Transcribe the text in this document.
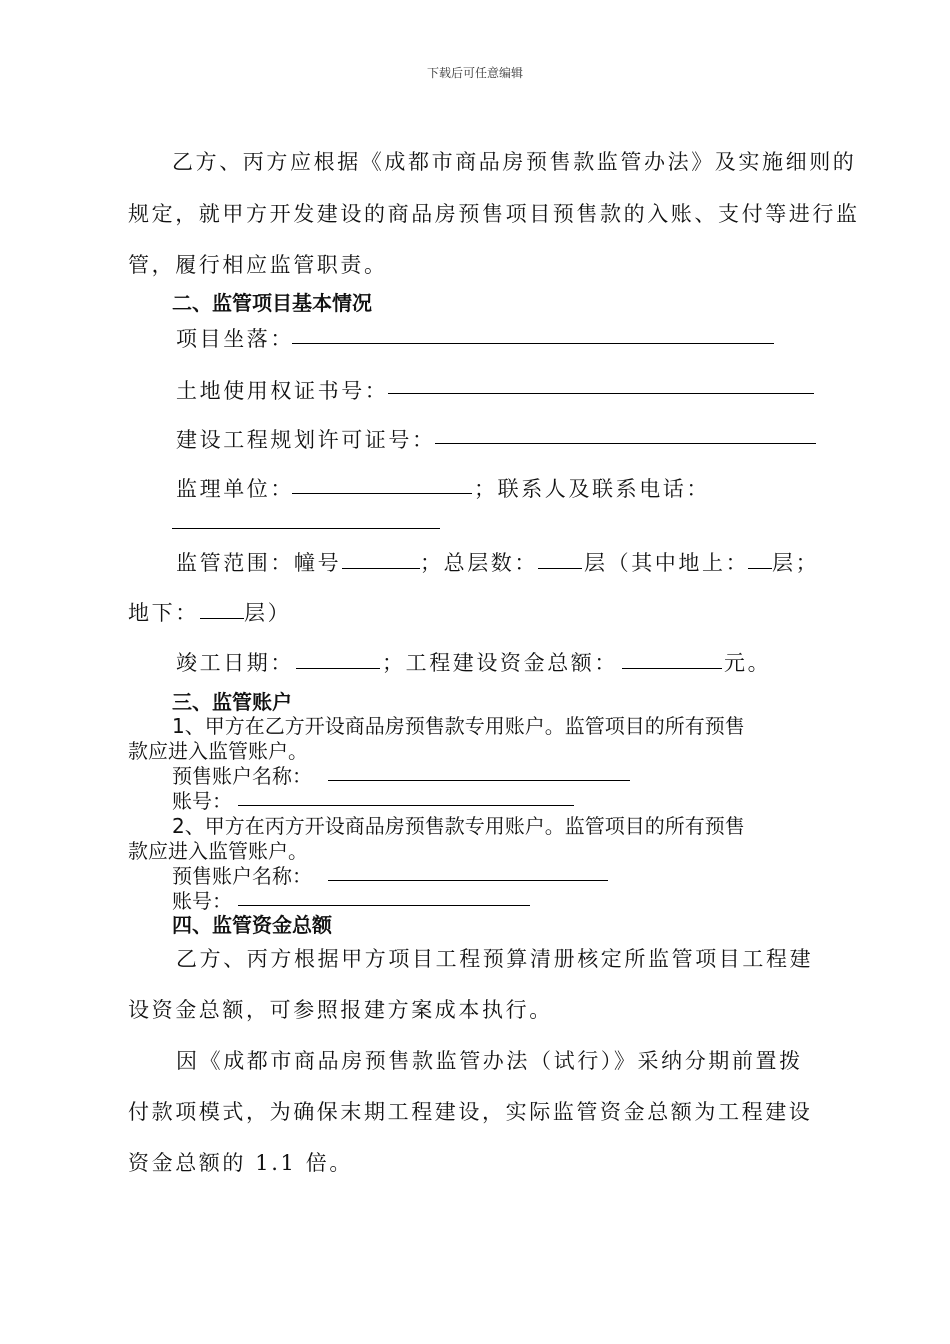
下载后可任意编辑
乙方、丙方应根据《成都市商品房预售款监管办法》及实施细则的
规定，就甲方开发建设的商品房预售项目预售款的入账、支付等进行监
管，履行相应监管职责。
二、监管项目基本情况
项目坐落：
土地使用权证书号：
建设工程规划许可证号：
监理单位：	；联系人及联系电话：
监管范围：幢号	；总层数： 层（其中地上： 层；
地下： 层）
竣工日期：	；工程建设资金总额：	元。
三、监管账户
1、甲方在乙方开设商品房预售款专用账户。监管项目的所有预售
款应进入监管账户。
预售账户名称：
账号：
2、甲方在丙方开设商品房预售款专用账户。监管项目的所有预售
款应进入监管账户。
预售账户名称：
账号：
四、监管资金总额
乙方、丙方根据甲方项目工程预算清册核定所监管项目工程建
设资金总额，可参照报建方案成本执行。
因《成都市商品房预售款监管办法（试行）》采纳分期前置拨
付款项模式，为确保末期工程建设，实际监管资金总额为工程建设
资金总额的 1.1 倍。
